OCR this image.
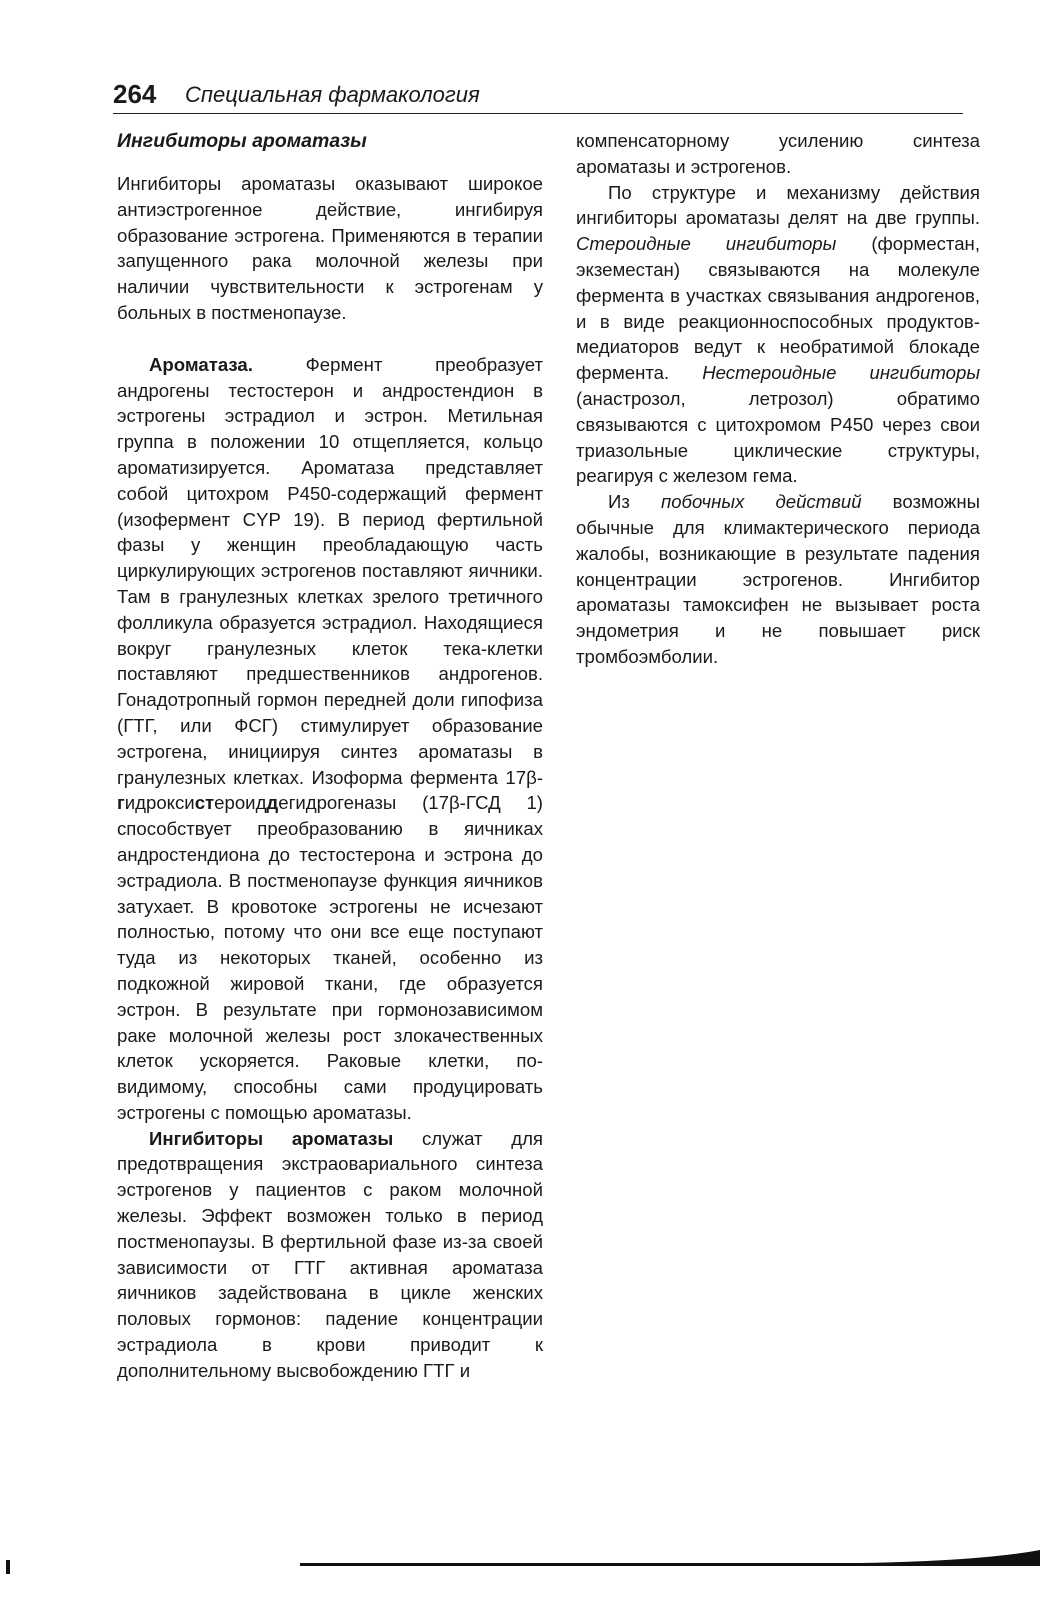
264 Специальная фармакология
Ингибиторы ароматазы

Ингибиторы ароматазы оказывают широкое антиэстрогенное действие, ингибируя образование эстрогена. Применяются в терапии запущенного рака молочной железы при наличии чувствительности к эстрогенам у больных в постменопаузе.

Ароматаза. Фермент преобразует андрогены тестостерон и андростендион в эстрогены эстрадиол и эстрон. Метильная группа в положении 10 отщепляется, кольцо ароматизируется. Ароматаза представляет собой цитохром Р450-содержащий фермент (изофермент CYP 19). В период фертильной фазы у женщин преобладающую часть циркулирующих эстрогенов поставляют яичники. Там в гранулезных клетках зрелого третичного фолликула образуется эстрадиол. Находящиеся вокруг гранулезных клеток тека-клетки поставляют предшественников андрогенов. Гонадотропный гормон передней доли гипофиза (ГТГ, или ФСГ) стимулирует образование эстрогена, инициируя синтез ароматазы в гранулезных клетках. Изоформа фермента 17β-гидроксистероиддегидрогеназы (17β-ГСД 1) способствует преобразованию в яичниках андростендиона до тестостерона и эстрона до эстрадиола. В постменопаузе функция яичников затухает. В кровотоке эстрогены не исчезают полностью, потому что они все еще поступают туда из некоторых тканей, особенно из подкожной жировой ткани, где образуется эстрон. В результате при гормонозависимом раке молочной железы рост злокачественных клеток ускоряется. Раковые клетки, по-видимому, способны сами продуцировать эстрогены с помощью ароматазы.

Ингибиторы ароматазы служат для предотвращения экстраовариального синтеза эстрогенов у пациентов с раком молочной железы. Эффект возможен только в период постменопаузы. В фертильной фазе из-за своей зависимости от ГТГ активная ароматаза яичников задействована в цикле женских половых гормонов: падение концентрации эстрадиола в крови приводит к дополнительному высвобождению ГТГ и

компенсаторному усилению синтеза ароматазы и эстрогенов.

По структуре и механизму действия ингибиторы ароматазы делят на две группы. Стероидные ингибиторы (форместан, экземестан) связываются на молекуле фермента в участках связывания андрогенов, и в виде реакционноспособных продуктов-медиаторов ведут к необратимой блокаде фермента. Нестероидные ингибиторы (анастрозол, летрозол) обратимо связываются с цитохромом Р450 через свои триазольные циклические структуры, реагируя с железом гема.

Из побочных действий возможны обычные для климактерического периода жалобы, возникающие в результате падения концентрации эстрогенов. Ингибитор ароматазы тамоксифен не вызывает роста эндометрия и не повышает риск тромбоэмболии.
